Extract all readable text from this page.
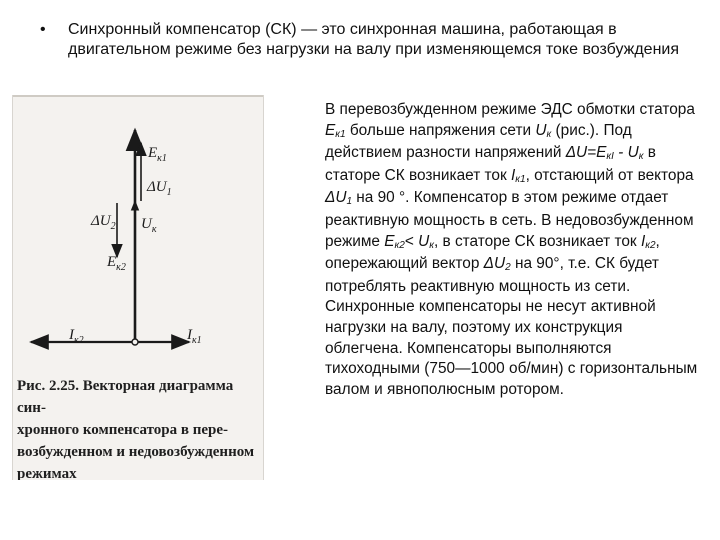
• Синхронный компенсатор (СК) — это синхронная машина, работающая в двигательном режиме без нагрузки на валу при изменяющемся токе возбуждения

$E_{к1}$
$\Delta U_1$
$\Delta U_2$ $U_к$
$E_{к2}$
$I_{к2}$	$I_{к1}$

Рис. 2.25. Векторная диаграмма син-
хронного компенсатора в пере-
возбужденном и недовозбужденном
режимах

В перевозбужденном режиме ЭДС обмотки статора Eк1 больше напряжения сети Uк (рис.). Под действием разности напряжений ΔU=EкI - Uк в статоре СК возникает ток Iк1, отстающий от вектора ΔU1 на 90 °. Компенсатор в этом режиме отдает реактивную мощность в сеть. В недовозбужденном режиме Eк2< Uк, в статоре СК возникает ток Iк2, опережающий вектор ΔU2 на 90°, т.е. СК будет потреблять реактивную мощность из сети. Синхронные компенсаторы не несут активной нагрузки на валу, поэтому их конструкция облегчена. Компенсаторы выполняются тихоходными (750—1000 об/мин) с горизонтальным валом и явнополюсным ротором.
